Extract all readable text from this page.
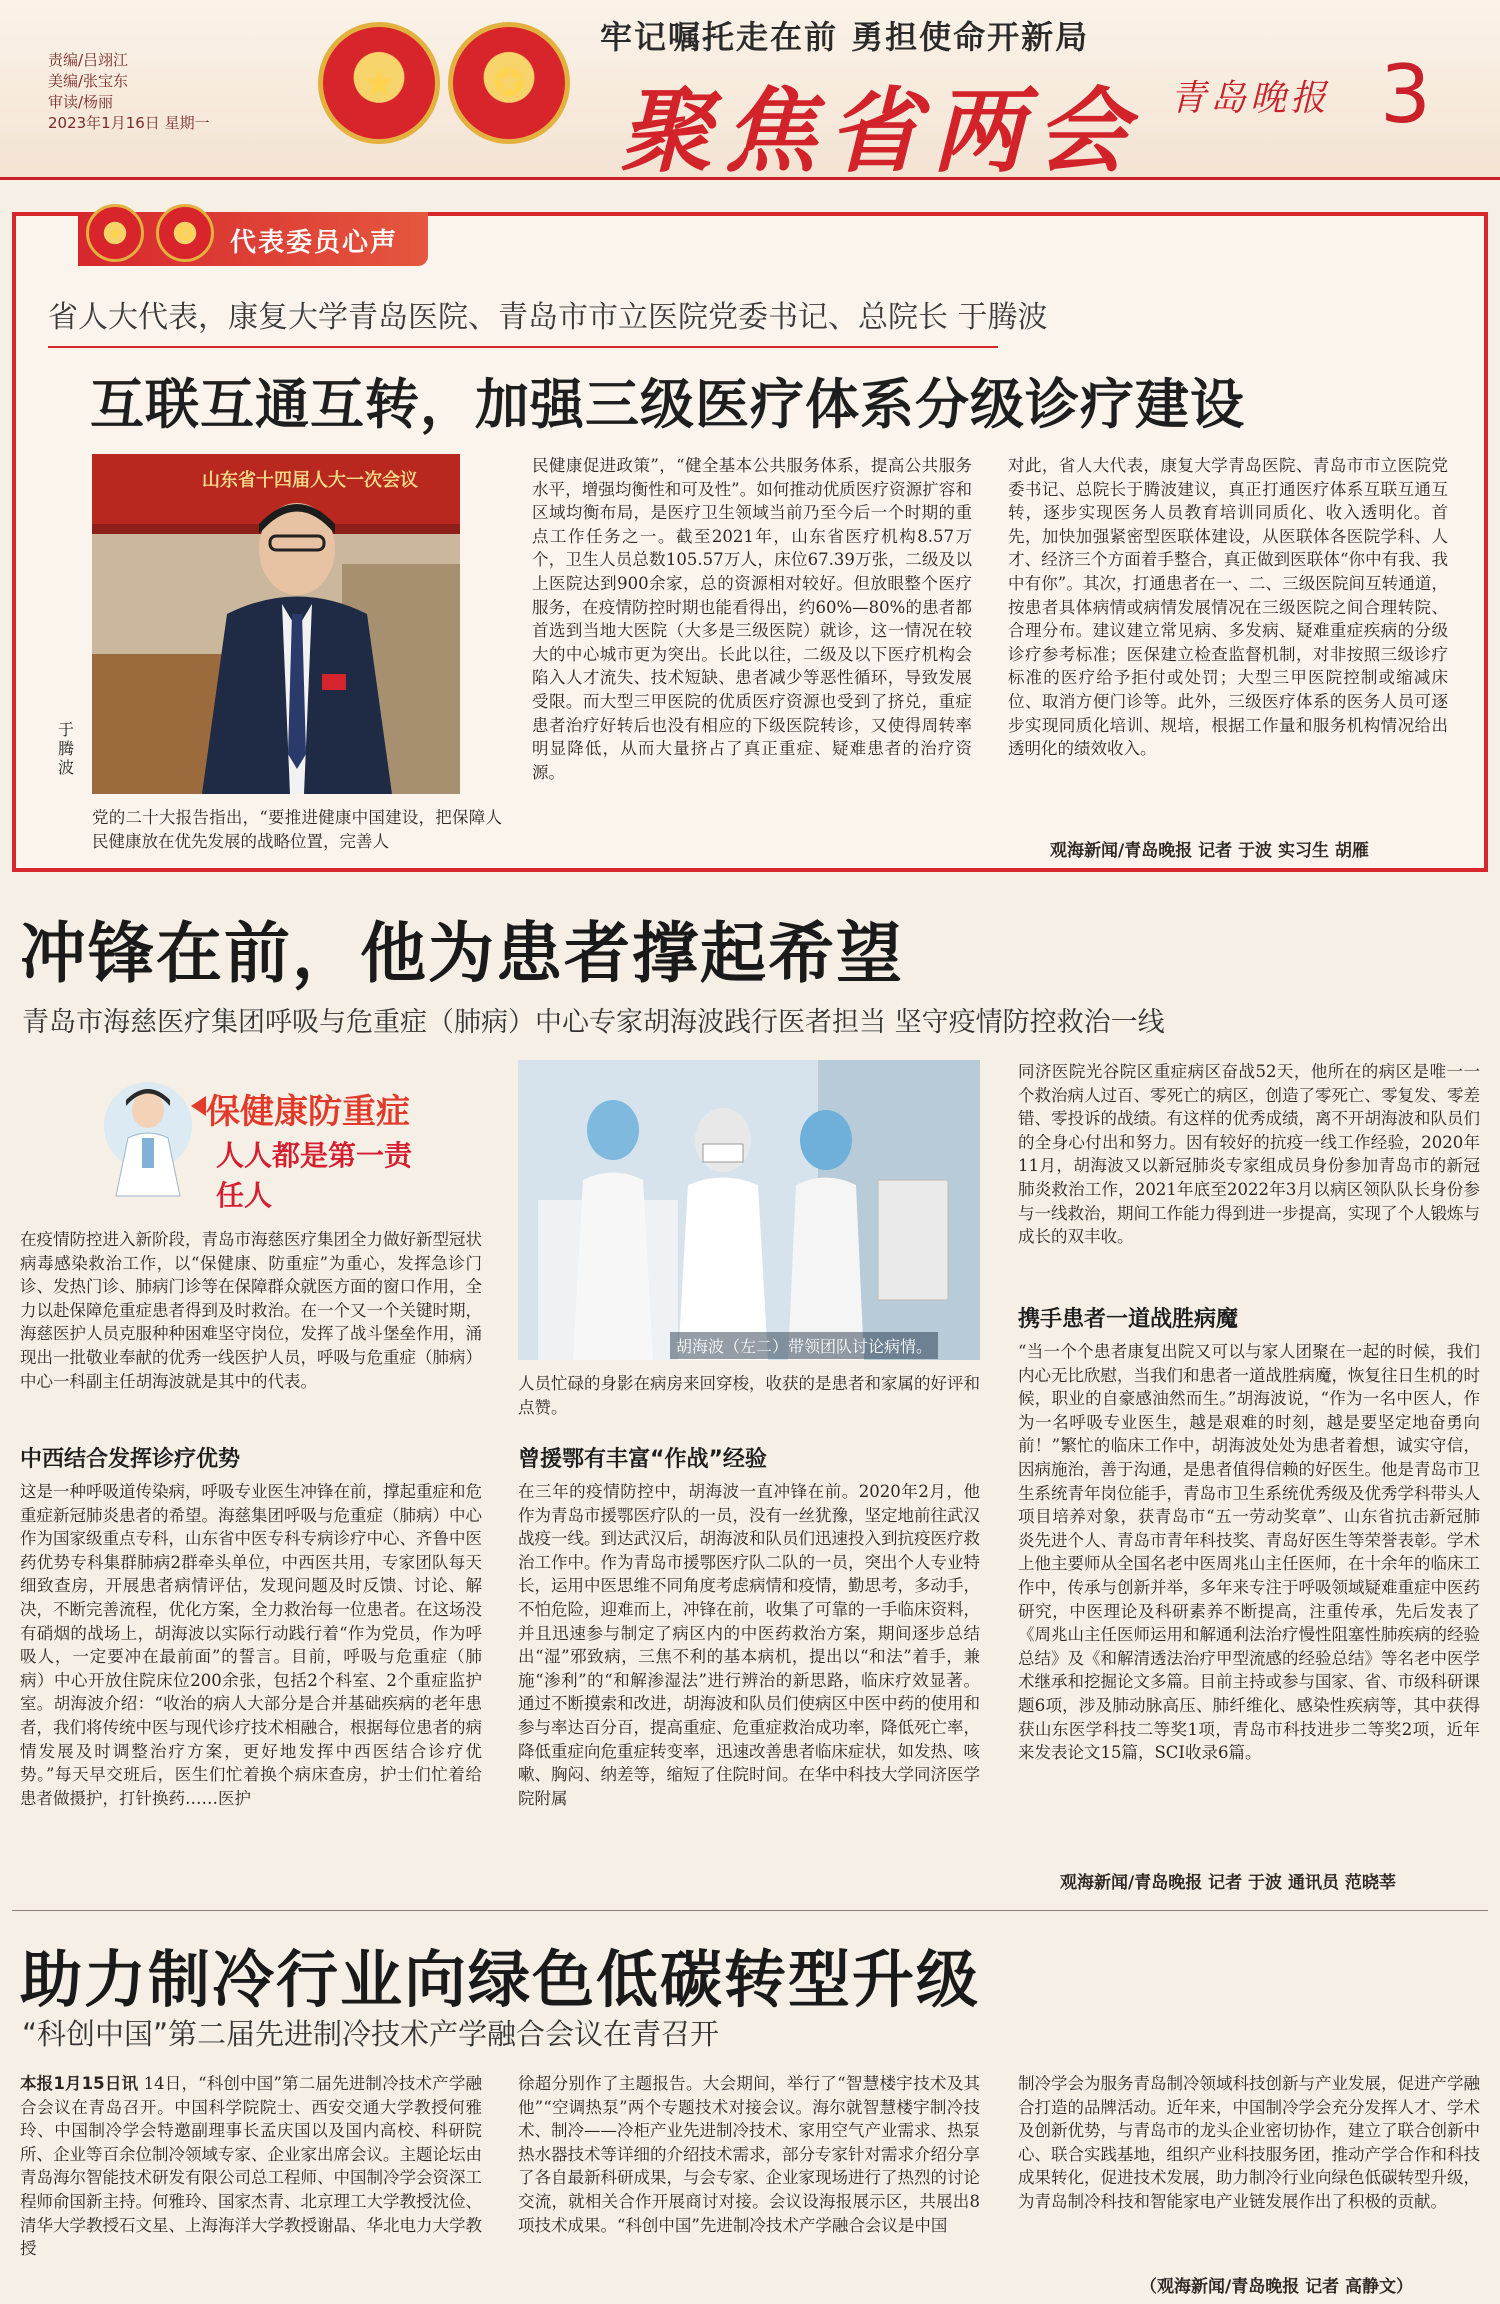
责编/吕翊江
美编/张宝东
审读/杨丽
2023年1月16日 星期一
★	✪
牢记嘱托走在前 勇担使命开新局
聚焦省两会 青岛晚报 3
★	✪	代表委员心声
省人大代表，康复大学青岛医院、青岛市市立医院党委书记、总院长 于腾波
互联互通互转，加强三级医疗体系分级诊疗建设
山东省十四届人大一次会议
于腾波
党的二十大报告指出，“要推进健康中国建设，把保障人民健康放在优先发展的战略位置，完善人
民健康促进政策”，“健全基本公共服务体系，提高公共服务水平，增强均衡性和可及性”。如何推动优质医疗资源扩容和区域均衡布局，是医疗卫生领域当前乃至今后一个时期的重点工作任务之一。截至2021年，山东省医疗机构8.57万个，卫生人员总数105.57万人，床位67.39万张，二级及以上医院达到900余家，总的资源相对较好。但放眼整个医疗服务，在疫情防控时期也能看得出，约60%—80%的患者都首选到当地大医院（大多是三级医院）就诊，这一情况在较大的中心城市更为突出。长此以往，二级及以下医疗机构会陷入人才流失、技术短缺、患者减少等恶性循环，导致发展受限。而大型三甲医院的优质医疗资源也受到了挤兑，重症患者治疗好转后也没有相应的下级医院转诊，又使得周转率明显降低，从而大量挤占了真正重症、疑难患者的治疗资源。
对此，省人大代表，康复大学青岛医院、青岛市市立医院党委书记、总院长于腾波建议，真正打通医疗体系互联互通互转，逐步实现医务人员教育培训同质化、收入透明化。首先，加快加强紧密型医联体建设，从医联体各医院学科、人才、经济三个方面着手整合，真正做到医联体“你中有我、我中有你”。其次，打通患者在一、二、三级医院间互转通道，按患者具体病情或病情发展情况在三级医院之间合理转院、合理分布。建议建立常见病、多发病、疑难重症疾病的分级诊疗参考标准；医保建立检查监督机制，对非按照三级诊疗标准的医疗给予拒付或处罚；大型三甲医院控制或缩减床位、取消方便门诊等。此外，三级医疗体系的医务人员可逐步实现同质化培训、规培，根据工作量和服务机构情况给出透明化的绩效收入。
观海新闻/青岛晚报 记者 于波 实习生 胡雁
冲锋在前，他为患者撑起希望
青岛市海慈医疗集团呼吸与危重症（肺病）中心专家胡海波践行医者担当 坚守疫情防控救治一线
保健康防重症
人人都是第一责任人
在疫情防控进入新阶段，青岛市海慈医疗集团全力做好新型冠状病毒感染救治工作，以“保健康、防重症”为重心，发挥急诊门诊、发热门诊、肺病门诊等在保障群众就医方面的窗口作用，全力以赴保障危重症患者得到及时救治。在一个又一个关键时期，海慈医护人员克服种种困难坚守岗位，发挥了战斗堡垒作用，涌现出一批敬业奉献的优秀一线医护人员，呼吸与危重症（肺病）中心一科副主任胡海波就是其中的代表。
中西结合发挥诊疗优势
这是一种呼吸道传染病，呼吸专业医生冲锋在前，撑起重症和危重症新冠肺炎患者的希望。海慈集团呼吸与危重症（肺病）中心作为国家级重点专科，山东省中医专科专病诊疗中心、齐鲁中医药优势专科集群肺病2群牵头单位，中西医共用，专家团队每天细致查房，开展患者病情评估，发现问题及时反馈、讨论、解决，不断完善流程，优化方案，全力救治每一位患者。在这场没有硝烟的战场上，胡海波以实际行动践行着“作为党员，作为呼吸人，一定要冲在最前面”的誓言。目前，呼吸与危重症（肺病）中心开放住院床位200余张，包括2个科室、2个重症监护室。胡海波介绍：“收治的病人大部分是合并基础疾病的老年患者，我们将传统中医与现代诊疗技术相融合，根据每位患者的病情发展及时调整治疗方案，更好地发挥中西医结合诊疗优势。”每天早交班后，医生们忙着换个病床查房，护士们忙着给患者做摄护，打针换药……医护
胡海波（左二）带领团队讨论病情。
人员忙碌的身影在病房来回穿梭，收获的是患者和家属的好评和点赞。
曾援鄂有丰富“作战”经验
在三年的疫情防控中，胡海波一直冲锋在前。2020年2月，他作为青岛市援鄂医疗队的一员，没有一丝犹豫，坚定地前往武汉战疫一线。到达武汉后，胡海波和队员们迅速投入到抗疫医疗救治工作中。作为青岛市援鄂医疗队二队的一员，突出个人专业特长，运用中医思维不同角度考虑病情和疫情，勤思考，多动手，不怕危险，迎难而上，冲锋在前，收集了可靠的一手临床资料，并且迅速参与制定了病区内的中医药救治方案，期间逐步总结出“湿”邪致病，三焦不利的基本病机，提出以“和法”着手，兼施“渗利”的“和解渗湿法”进行辨治的新思路，临床疗效显著。通过不断摸索和改进，胡海波和队员们使病区中医中药的使用和参与率达百分百，提高重症、危重症救治成功率，降低死亡率，降低重症向危重症转变率，迅速改善患者临床症状，如发热、咳嗽、胸闷、纳差等，缩短了住院时间。在华中科技大学同济医学院附属
同济医院光谷院区重症病区奋战52天，他所在的病区是唯一一个救治病人过百、零死亡的病区，创造了零死亡、零复发、零差错、零投诉的战绩。有这样的优秀成绩，离不开胡海波和队员们的全身心付出和努力。因有较好的抗疫一线工作经验，2020年11月，胡海波又以新冠肺炎专家组成员身份参加青岛市的新冠肺炎救治工作，2021年底至2022年3月以病区领队队长身份参与一线救治，期间工作能力得到进一步提高，实现了个人锻炼与成长的双丰收。
携手患者一道战胜病魔
“当一个个患者康复出院又可以与家人团聚在一起的时候，我们内心无比欣慰，当我们和患者一道战胜病魔，恢复往日生机的时候，职业的自豪感油然而生。”胡海波说，“作为一名中医人，作为一名呼吸专业医生，越是艰难的时刻，越是要坚定地奋勇向前！”繁忙的临床工作中，胡海波处处为患者着想，诚实守信，因病施治，善于沟通，是患者值得信赖的好医生。他是青岛市卫生系统青年岗位能手，青岛市卫生系统优秀级及优秀学科带头人项目培养对象，获青岛市“五一劳动奖章”、山东省抗击新冠肺炎先进个人、青岛市青年科技奖、青岛好医生等荣誉表彰。学术上他主要师从全国名老中医周兆山主任医师，在十余年的临床工作中，传承与创新并举，多年来专注于呼吸领域疑难重症中医药研究，中医理论及科研素养不断提高，注重传承，先后发表了《周兆山主任医师运用和解通利法治疗慢性阻塞性肺疾病的经验总结》及《和解清透法治疗甲型流感的经验总结》等名老中医学术继承和挖掘论文多篇。目前主持或参与国家、省、市级科研课题6项，涉及肺动脉高压、肺纤维化、感染性疾病等，其中获得获山东医学科技二等奖1项，青岛市科技进步二等奖2项，近年来发表论文15篇，SCI收录6篇。
观海新闻/青岛晚报 记者 于波 通讯员 范晓莘
助力制冷行业向绿色低碳转型升级
“科创中国”第二届先进制冷技术产学融合会议在青召开
本报1月15日讯 14日，“科创中国”第二届先进制冷技术产学融合会议在青岛召开。中国科学院院士、西安交通大学教授何雅玲、中国制冷学会特邀副理事长孟庆国以及国内高校、科研院所、企业等百余位制冷领域专家、企业家出席会议。主题论坛由青岛海尔智能技术研发有限公司总工程师、中国制冷学会资深工程师俞国新主持。何雅玲、国家杰青、北京理工大学教授沈俭、清华大学教授石文星、上海海洋大学教授谢晶、华北电力大学教授
徐超分别作了主题报告。大会期间，举行了“智慧楼宇技术及其他”“空调热泵”两个专题技术对接会议。海尔就智慧楼宇制冷技术、制冷——冷柜产业先进制冷技术、家用空气产业需求、热泵热水器技术等详细的介绍技术需求，部分专家针对需求介绍分享了各自最新科研成果，与会专家、企业家现场进行了热烈的讨论交流，就相关合作开展商讨对接。会议设海报展示区，共展出8项技术成果。“科创中国”先进制冷技术产学融合会议是中国
制冷学会为服务青岛制冷领域科技创新与产业发展，促进产学融合打造的品牌活动。近年来，中国制冷学会充分发挥人才、学术及创新优势，与青岛市的龙头企业密切协作，建立了联合创新中心、联合实践基地，组织产业科技服务团，推动产学合作和科技成果转化，促进技术发展，助力制冷行业向绿色低碳转型升级，为青岛制冷科技和智能家电产业链发展作出了积极的贡献。
（观海新闻/青岛晚报 记者 高静文）
